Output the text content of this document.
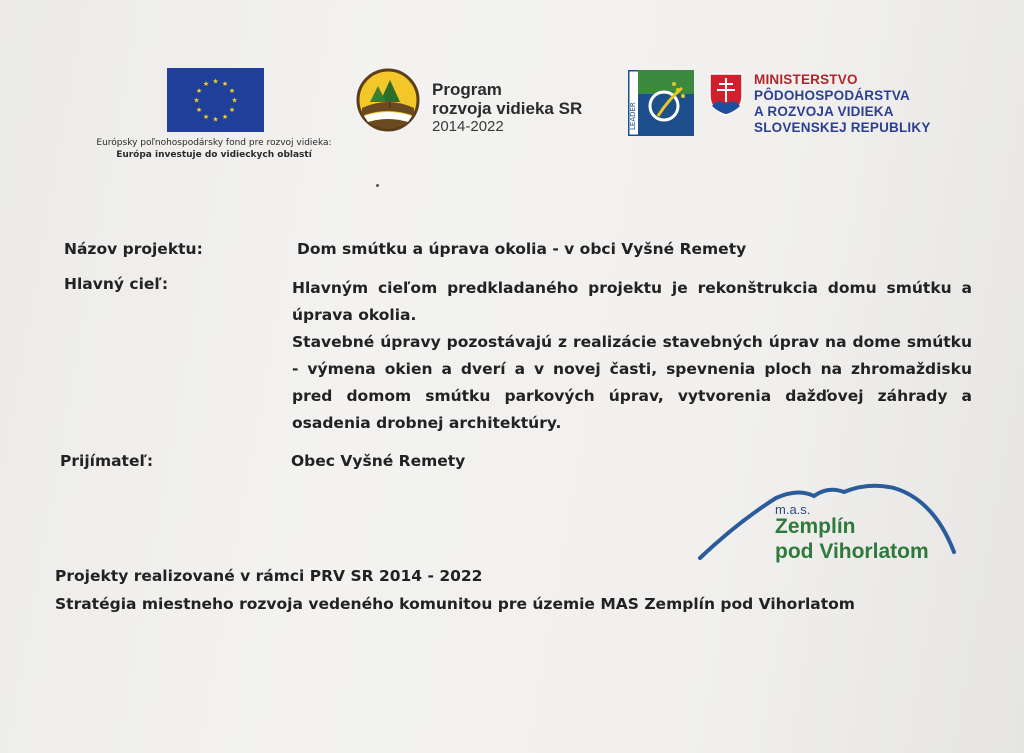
★ ★
★
★
★
★
★
★
★
★
★
★
Európsky poľnohospodársky fond pre rozvoj vidieka:
Európa investuje do vidieckych oblastí
Program
rozvoja vidieka SR
2014-2022	LEADER
MINISTERSTVO
PÔDOHOSPODÁRSTVA
A ROZVOJA VIDIEKA
SLOVENSKEJ REPUBLIKY
Názov projektu:	Dom smútku a úprava okolia - v obci Vyšné Remety
Hlavný cieľ:	Hlavným cieľom predkladaného projektu je rekonštrukcia domu smútku a úprava okolia.

Stavebné úpravy pozostávajú z realizácie stavebných úprav na dome smútku - výmena okien a dverí a v novej časti, spevnenia ploch na zhromaždisku pred domom smútku parkových úprav, vytvorenia dažďovej záhrady a osadenia drobnej architektúry.

Prijímateľ:	Obec Vyšné Remety
m.a.s.
Zemplín
pod Vihorlatom
Projekty realizované v rámci PRV SR 2014 - 2022
Stratégia miestneho rozvoja vedeného komunitou pre územie MAS Zemplín pod Vihorlatom
